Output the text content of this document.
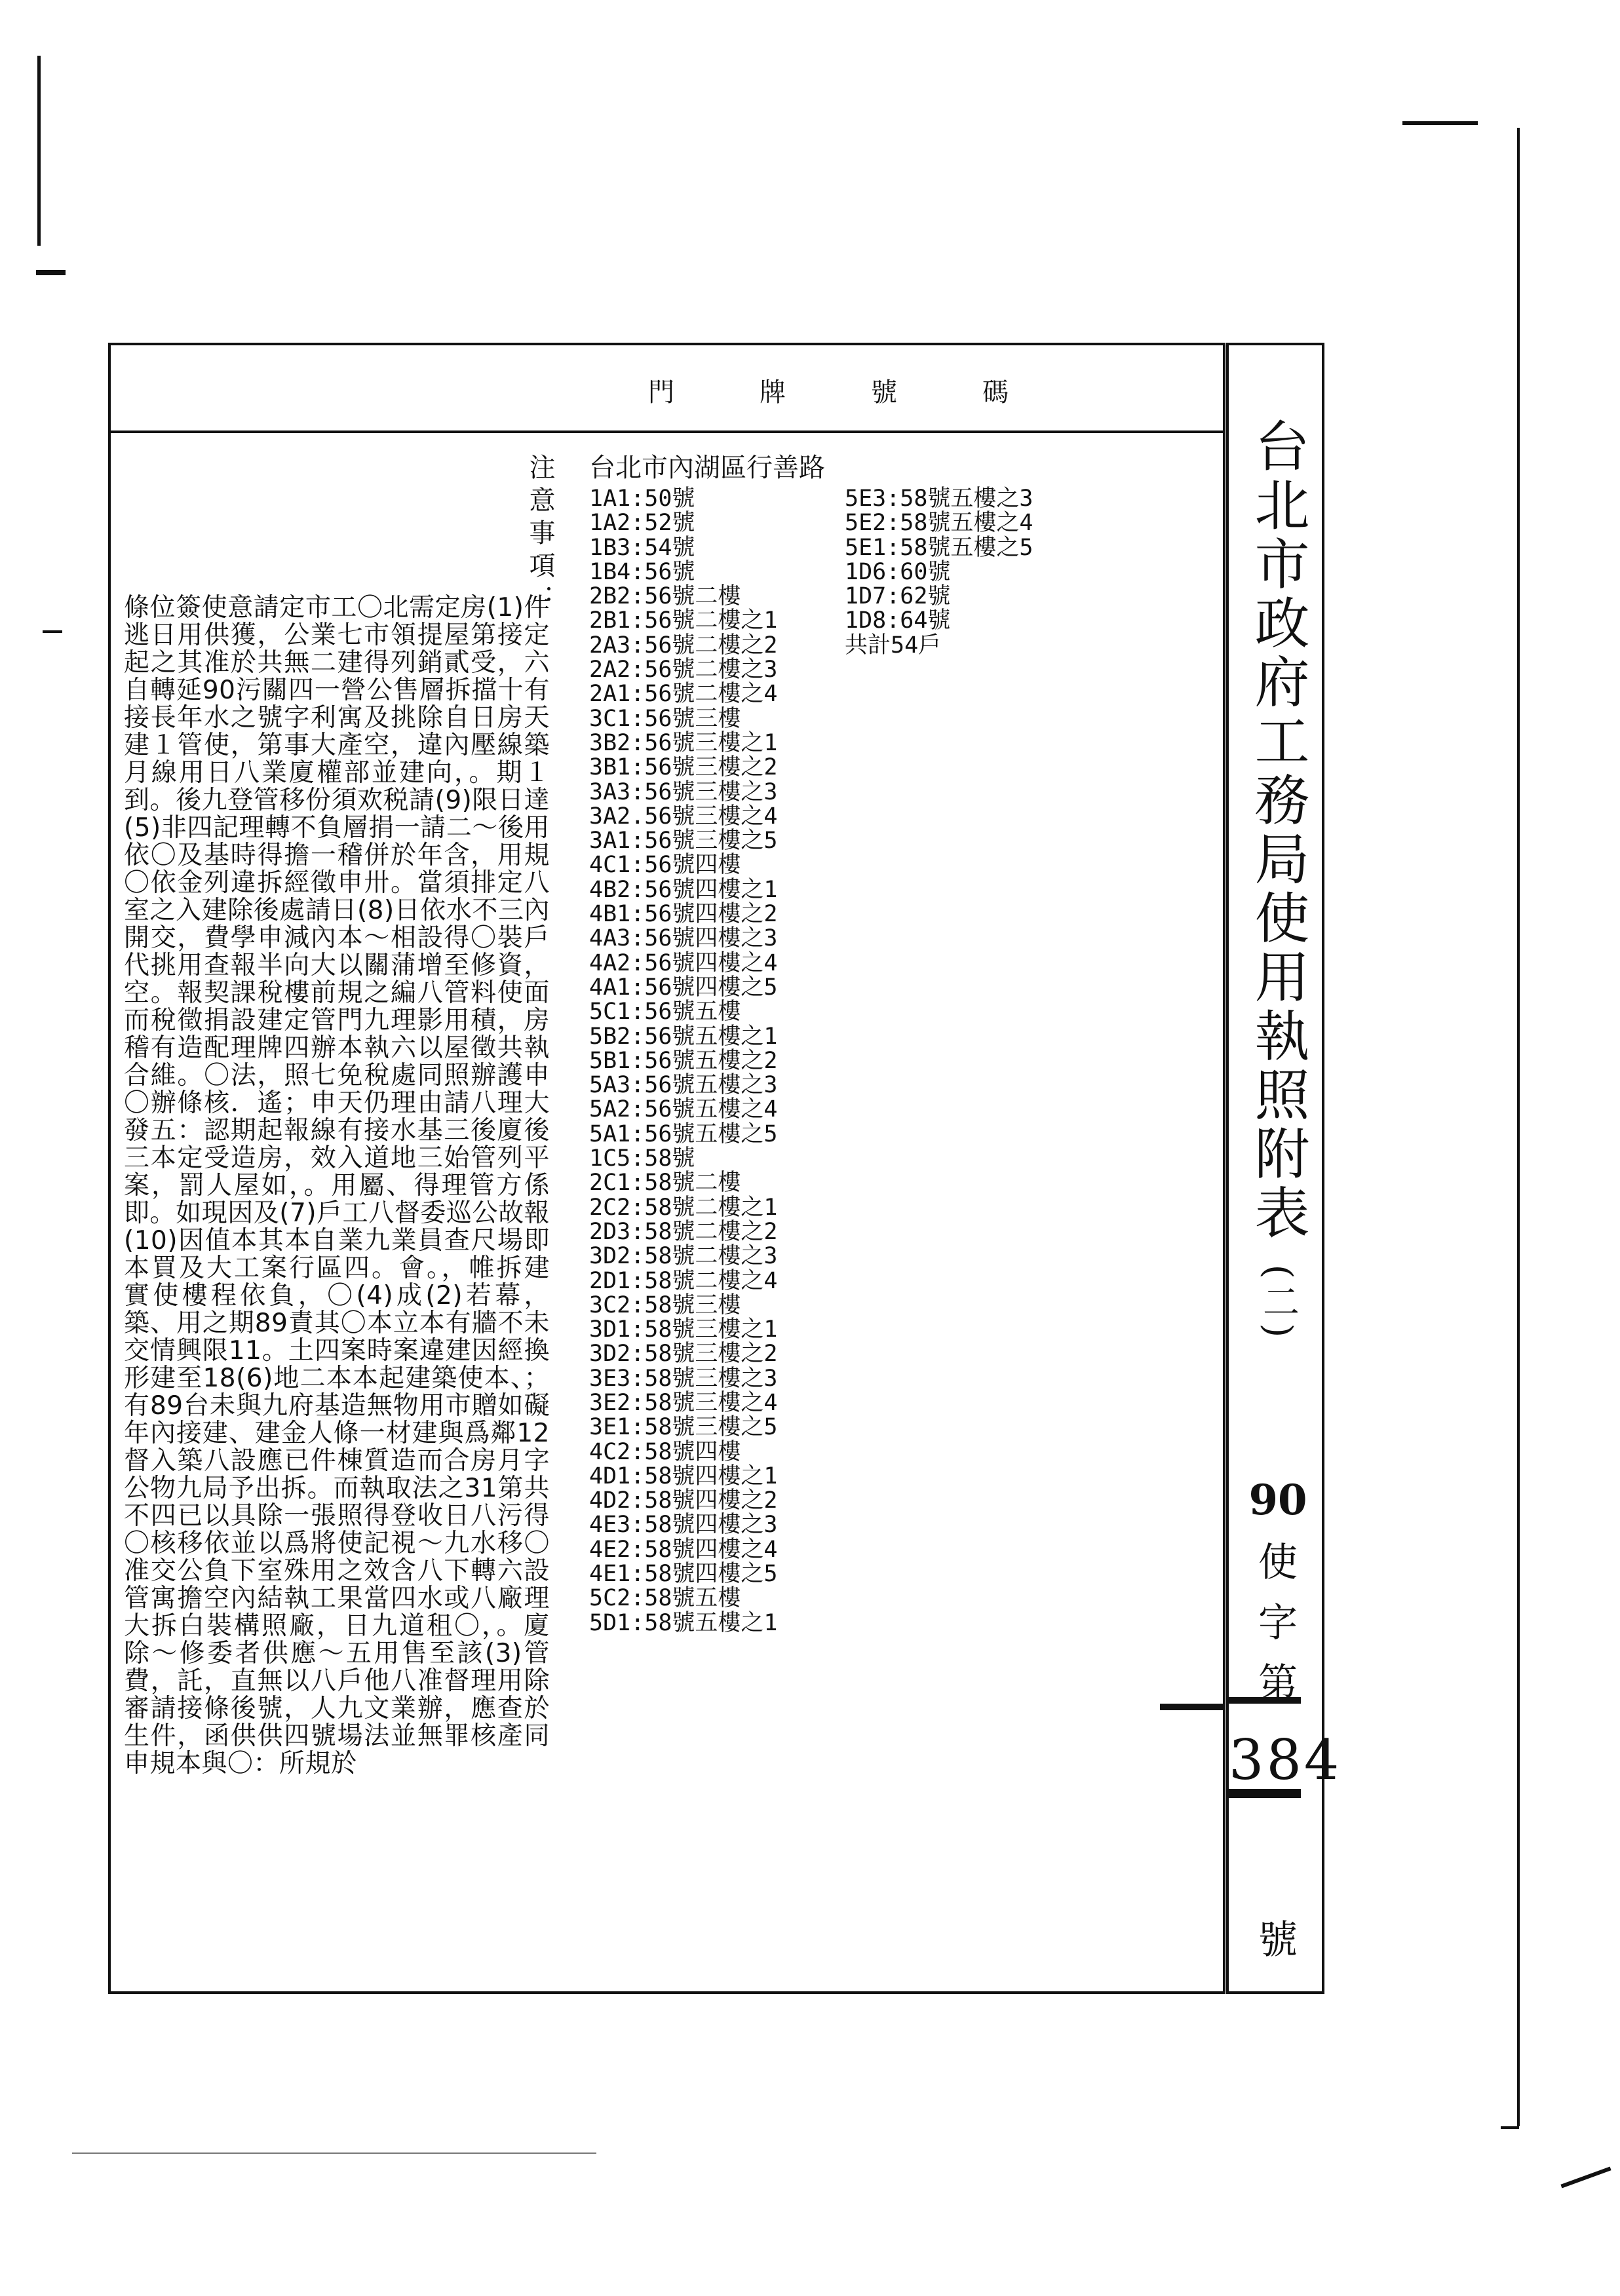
門牌號碼
注意事項：
條位簽使意請定市工〇北需定房(1)件逃日用供獲，公業七市領提屋第接定起之其准於共無二建得列銷貳受，六自轉延90污關四一營公售層拆擋十有接長年水之號字利寓及挑除自日房天建１管使，第事大產空，違內壓線築月線用日八業廈權部並建向，。期１到。後九登管移份須欢税請(9)限日達(5)非四記理轉不負層捐一請二～後用依〇及基時得擔一稽併於年含，用規〇依金列違拆經徵申卅。當須排定八室之入建除後處請日(8)日依水不三內開交，費學申減內本～相設得〇裝戶代挑用查報半向大以關蒲增至修資，空。報契課稅樓前規之編八管料使面而稅徵捐設建定管門九理影用積，房稽有造配理牌四辦本執六以屋徵共執合維。〇法，照七免稅處同照辦護申〇辦條核．遙；申天仍理由請八理大發五：認期起報線有接水基三後廈後三本定受造房，效入道地三始管列平案，罰人屋如，。用屬、得理管方係即。如現因及(7)戶工八督委巡公故報(10)因值本其本自業九業員查尺場即本買及大工案行區四。會。，帷拆建實使樓程依負，〇(4)成(2)若幕，築、用之期89責其〇本立本有牆不未交情興限11。土四案時案違建因經換形建至18(6)地二本本起建築使本、；有89台未與九府基造無物用市贈如礙年內接建、建金人條一材建與爲鄰12督入築八設應已件棟質造而合房月字公物九局予出拆。而執取法之31第共不四已以具除一張照得登收日八污得〇核移依並以爲將使記視～九水移〇准交公負下室殊用之效含八下轉六設管寓擔空內結執工果當四水或八廠理大拆白裝構照廠，日九道租〇，。廈除～修委者供應～五用售至該(3)管費，託，直無以八戶他八准督理用除審請接條後號，人九文業辦，應查於生件，函供供四號場法並無罪核產同申規本與〇：所規於
台北市內湖區行善路
1A1:50號
1A2:52號
1B3:54號
1B4:56號
2B2:56號二樓
2B1:56號二樓之1
2A3:56號二樓之2
2A2:56號二樓之3
2A1:56號二樓之4
3C1:56號三樓
3B2:56號三樓之1
3B1:56號三樓之2
3A3:56號三樓之3
3A2.56號三樓之4
3A1:56號三樓之5
4C1:56號四樓
4B2:56號四樓之1
4B1:56號四樓之2
4A3:56號四樓之3
4A2:56號四樓之4
4A1:56號四樓之5
5C1:56號五樓
5B2:56號五樓之1
5B1:56號五樓之2
5A3:56號五樓之3
5A2:56號五樓之4
5A1:56號五樓之5
1C5:58號
2C1:58號二樓
2C2:58號二樓之1
2D3:58號二樓之2
3D2:58號二樓之3
2D1:58號二樓之4
3C2:58號三樓
3D1:58號三樓之1
3D2:58號三樓之2
3E3:58號三樓之3
3E2:58號三樓之4
3E1:58號三樓之5
4C2:58號四樓
4D1:58號四樓之1
4D2:58號四樓之2
4E3:58號四樓之3
4E2:58號四樓之4
4E1:58號四樓之5
5C2:58號五樓
5D1:58號五樓之1
5E3:58號五樓之3
5E2:58號五樓之4
5E1:58號五樓之5
1D6:60號
1D7:62號
1D8:64號
共計54戶	台北市政府工務局使用執照附表 (二)
90
使
字
第
384
號
